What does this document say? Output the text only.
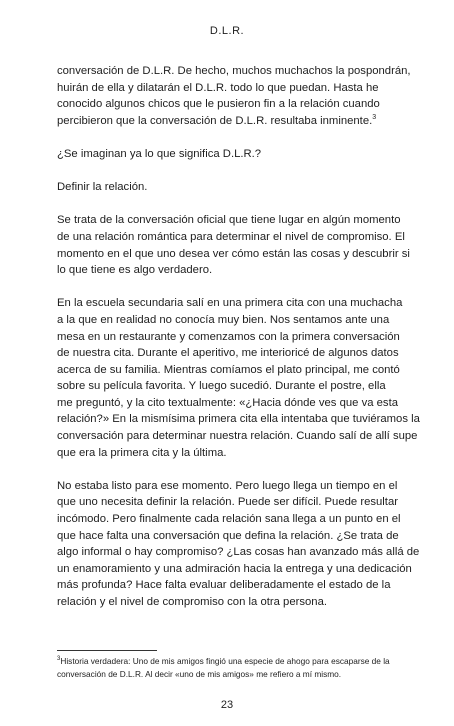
D.L.R.

conversación de D.L.R. De hecho, muchos muchachos la pospondrán,
huirán de ella y dilatarán el D.L.R. todo lo que puedan. Hasta he
conocido algunos chicos que le pusieron fin a la relación cuando
percibieron que la conversación de D.L.R. resultaba inminente.$^3$

¿Se imaginan ya lo que significa D.L.R.?

Definir la relación.

Se trata de la conversación oficial que tiene lugar en algún momento
de una relación romántica para determinar el nivel de compromiso. El
momento en el que uno desea ver cómo están las cosas y descubrir si
lo que tiene es algo verdadero.

En la escuela secundaria salí en una primera cita con una muchacha
a la que en realidad no conocía muy bien. Nos sentamos ante una
mesa en un restaurante y comenzamos con la primera conversación
de nuestra cita. Durante el aperitivo, me interioricé de algunos datos
acerca de su familia. Mientras comíamos el plato principal, me contó
sobre su película favorita. Y luego sucedió. Durante el postre, ella
me preguntó, y la cito textualmente: «¿Hacia dónde ves que va esta
relación?» En la mismísima primera cita ella intentaba que tuviéramos la
conversación para determinar nuestra relación. Cuando salí de allí supe
que era la primera cita y la última.

No estaba listo para ese momento. Pero luego llega un tiempo en el
que uno necesita definir la relación. Puede ser difícil. Puede resultar
incómodo. Pero finalmente cada relación sana llega a un punto en el
que hace falta una conversación que defina la relación. ¿Se trata de
algo informal o hay compromiso? ¿Las cosas han avanzado más allá de
un enamoramiento y una admiración hacia la entrega y una dedicación
más profunda? Hace falta evaluar deliberadamente el estado de la
relación y el nivel de compromiso con la otra persona.

$^3$Historia verdadera: Uno de mis amigos fingió una especie de ahogo para escaparse de la
conversación de D.L.R. Al decir «uno de mis amigos» me refiero a mí mismo.
23
